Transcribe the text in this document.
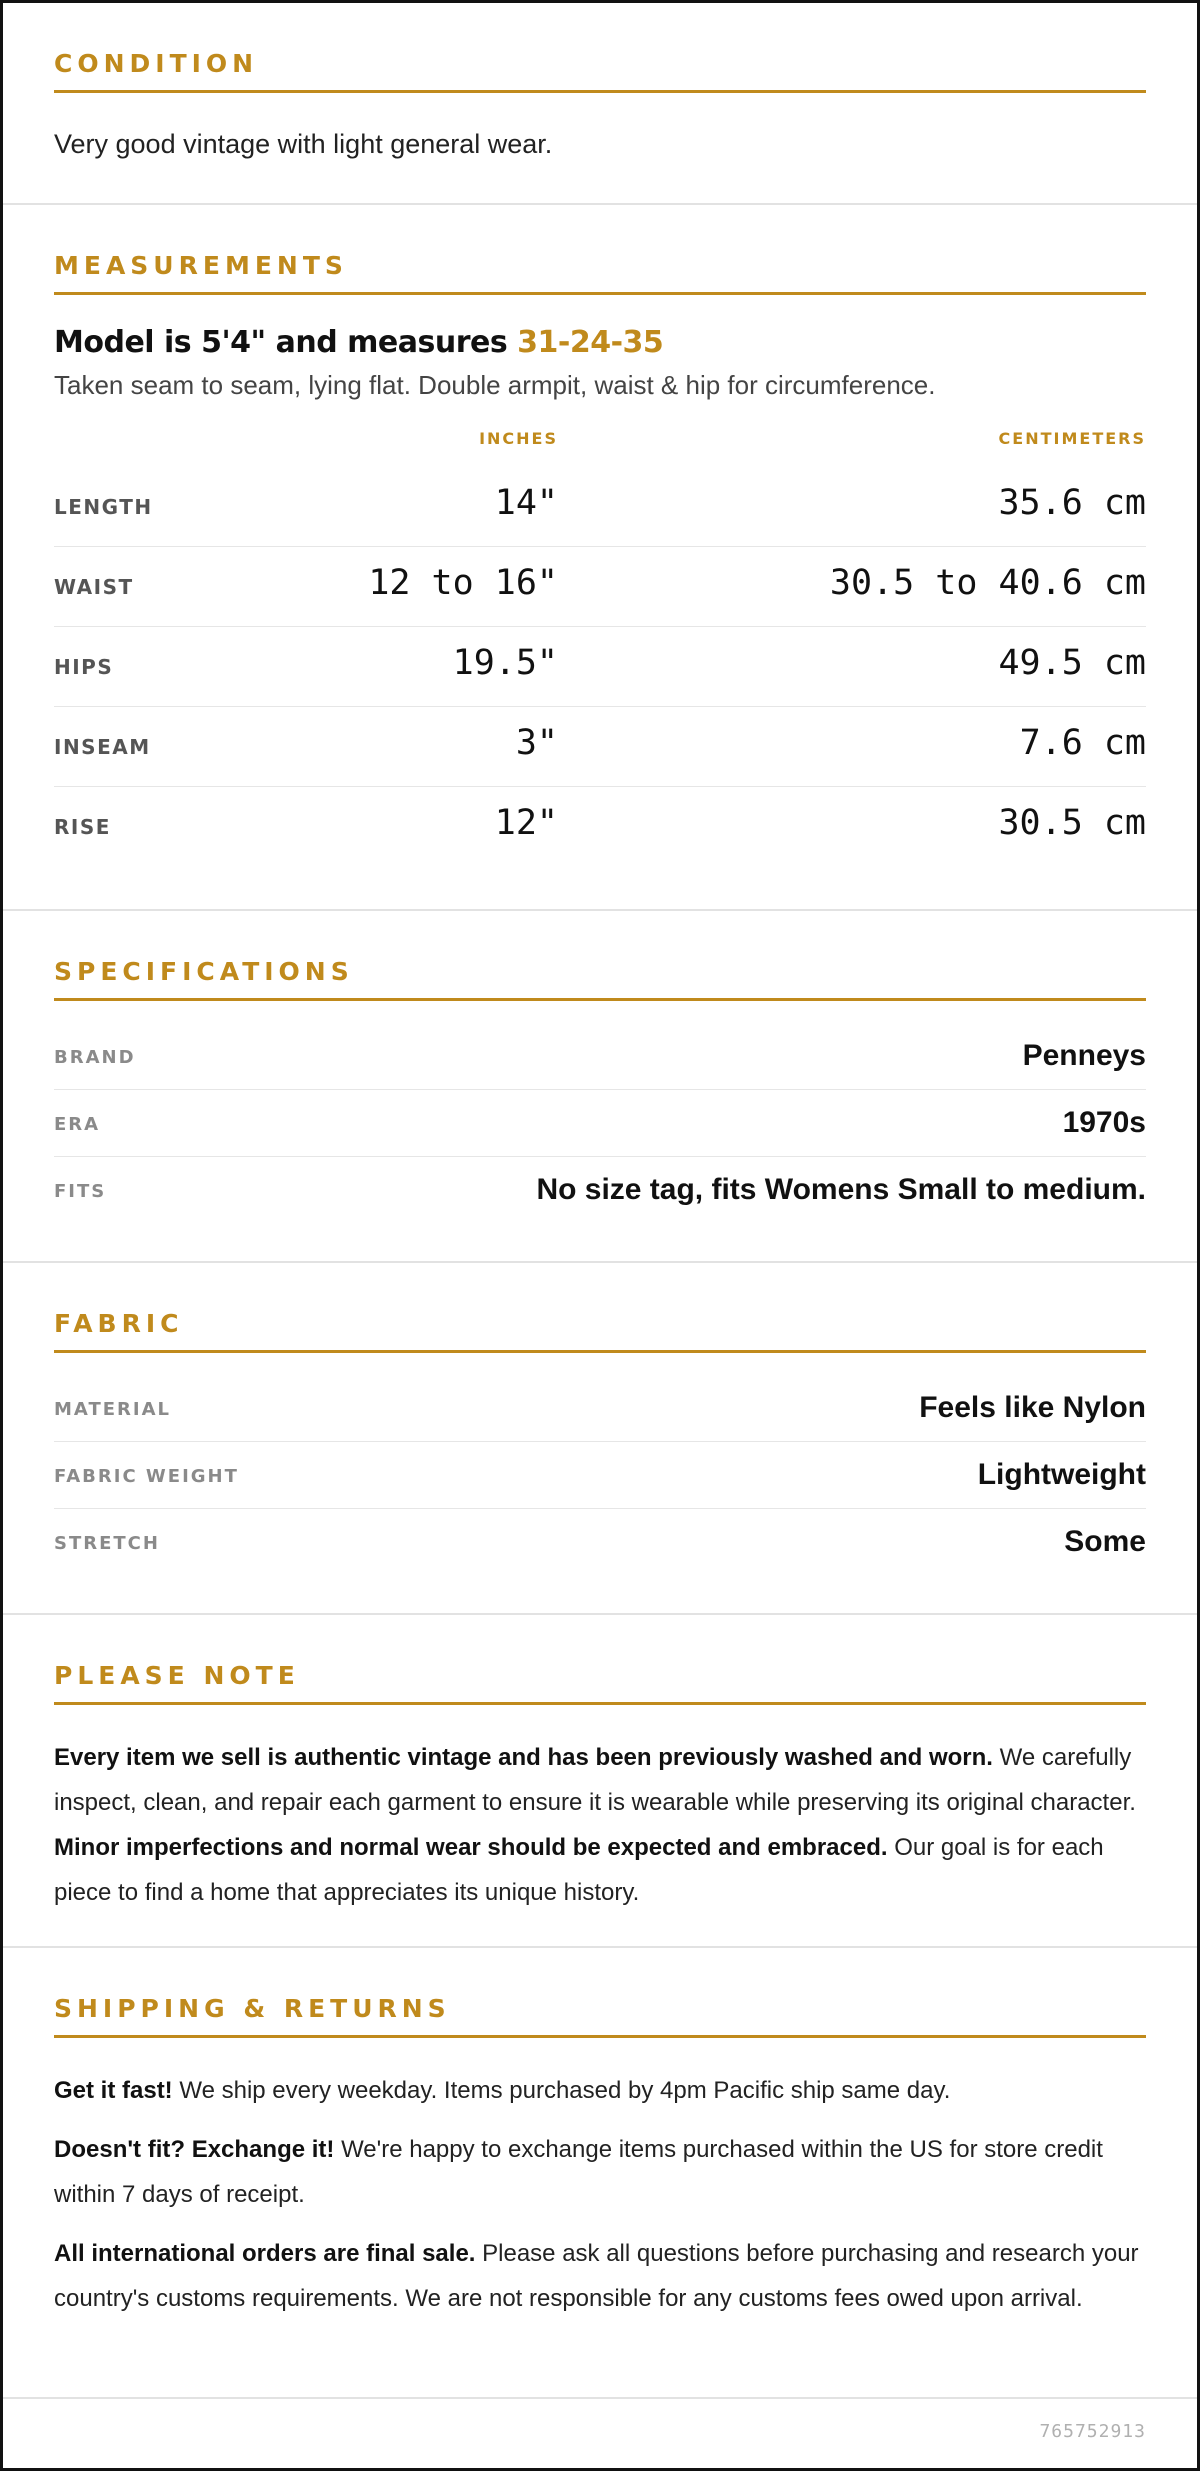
CONDITION

Very good vintage with light general wear.

MEASUREMENTS
Model is 5'4" and measures 31-24-35

Taken seam to seam, lying flat. Double armpit, waist & hip for circumference.

INCHES	CENTIMETERS
LENGTH	14"	35.6 cm
WAIST	12 to 16"	30.5 to 40.6 cm
HIPS	19.5"	49.5 cm
INSEAM	3"	7.6 cm
RISE	12"	30.5 cm
SPECIFICATIONS
BRAND	Penneys
ERA	1970s
FITS	No size tag, fits Womens Small to medium.
FABRIC
MATERIAL	Feels like Nylon
FABRIC WEIGHT	Lightweight
STRETCH	Some
PLEASE NOTE

Every item we sell is authentic vintage and has been previously washed and worn. We carefully inspect, clean, and repair each garment to ensure it is wearable while preserving its original character. Minor imperfections and normal wear should be expected and embraced. Our goal is for each piece to find a home that appreciates its unique history.

SHIPPING & RETURNS

Get it fast! We ship every weekday. Items purchased by 4pm Pacific ship same day.

Doesn't fit? Exchange it! We're happy to exchange items purchased within the US for store credit within 7 days of receipt.

All international orders are final sale. Please ask all questions before purchasing and research your country's customs requirements. We are not responsible for any customs fees owed upon arrival.

765752913
